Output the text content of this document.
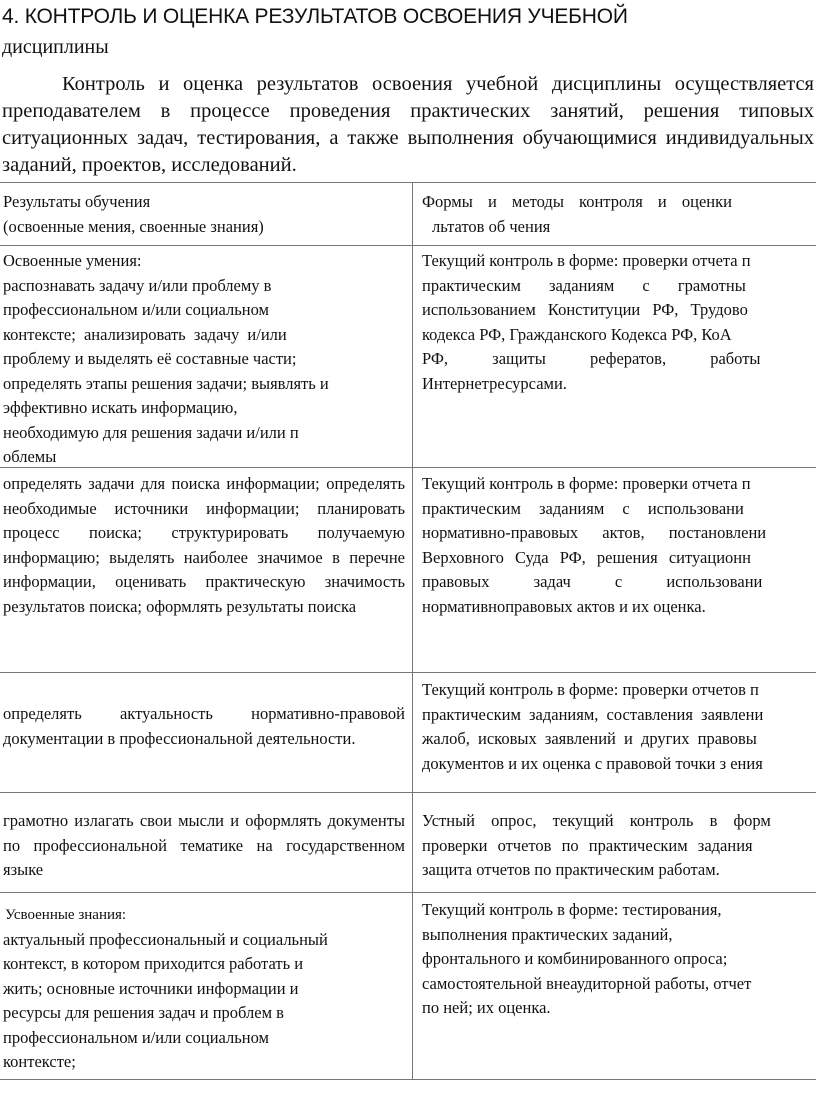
4. КОНТРОЛЬ И ОЦЕНКА РЕЗУЛЬТАТОВ ОСВОЕНИЯ УЧЕБНОЙ
дисциплины
Контроль и оценка результатов освоения учебной дисциплины осуществляется преподавателем в процессе проведения практических занятий, решения типовых ситуационных задач, тестирования, а также выполнения обучающимися индивидуальных заданий, проектов, исследований.
Результаты обучения
(освоенные мения, своенные знания)
Формы и методы контроля и оценки
льтатов об чения
Освоенные умения:
распознавать задачу и/или проблему в
профессиональном и/или социальном
контексте; анализировать задачу и/или
проблему и выделять её составные части;
определять этапы решения задачи; выявлять и
эффективно искать информацию,
необходимую для решения задачи и/или п
облемы
Текущий контроль в форме: проверки отчета п
практическим заданиям с грамотны
использованием Конституции РФ, Трудово
кодекса РФ, Гражданского Кодекса РФ, КоА
РФ, защиты рефератов, работы
Интернетресурсами.
определять задачи для поиска информации; определять необходимые источники информации; планировать процесс поиска; структурировать получаемую информацию; выделять наиболее значимое в перечне информации, оценивать практическую значимость результатов поиска; оформлять результаты поиска
Текущий контроль в форме: проверки отчета п
практическим заданиям с использовани
нормативно-правовых актов, постановлени
Верховного Суда РФ, решения ситуационн
правовых задач с использовани
нормативноправовых актов и их оценка.
определять актуальность нормативно-правовой документации в профессиональной деятельности.
Текущий контроль в форме: проверки отчетов п
практическим заданиям, составления заявлени
жалоб, исковых заявлений и других правовы
документов и их оценка с правовой точки з ения
грамотно излагать свои мысли и оформлять документы по профессиональной тематике на государственном языке
Устный опрос, текущий контроль в форм
проверки отчетов по практическим задания
защита отчетов по практическим работам.
Усвоенные знания:
актуальный профессиональный и социальный
контекст, в котором приходится работать и
жить; основные источники информации и
ресурсы для решения задач и проблем в
профессиональном и/или социальном
контексте;
Текущий контроль в форме: тестирования,
выполнения практических заданий,
фронтального и комбинированного опроса;
самостоятельной внеаудиторной работы, отчет
по ней; их оценка.
